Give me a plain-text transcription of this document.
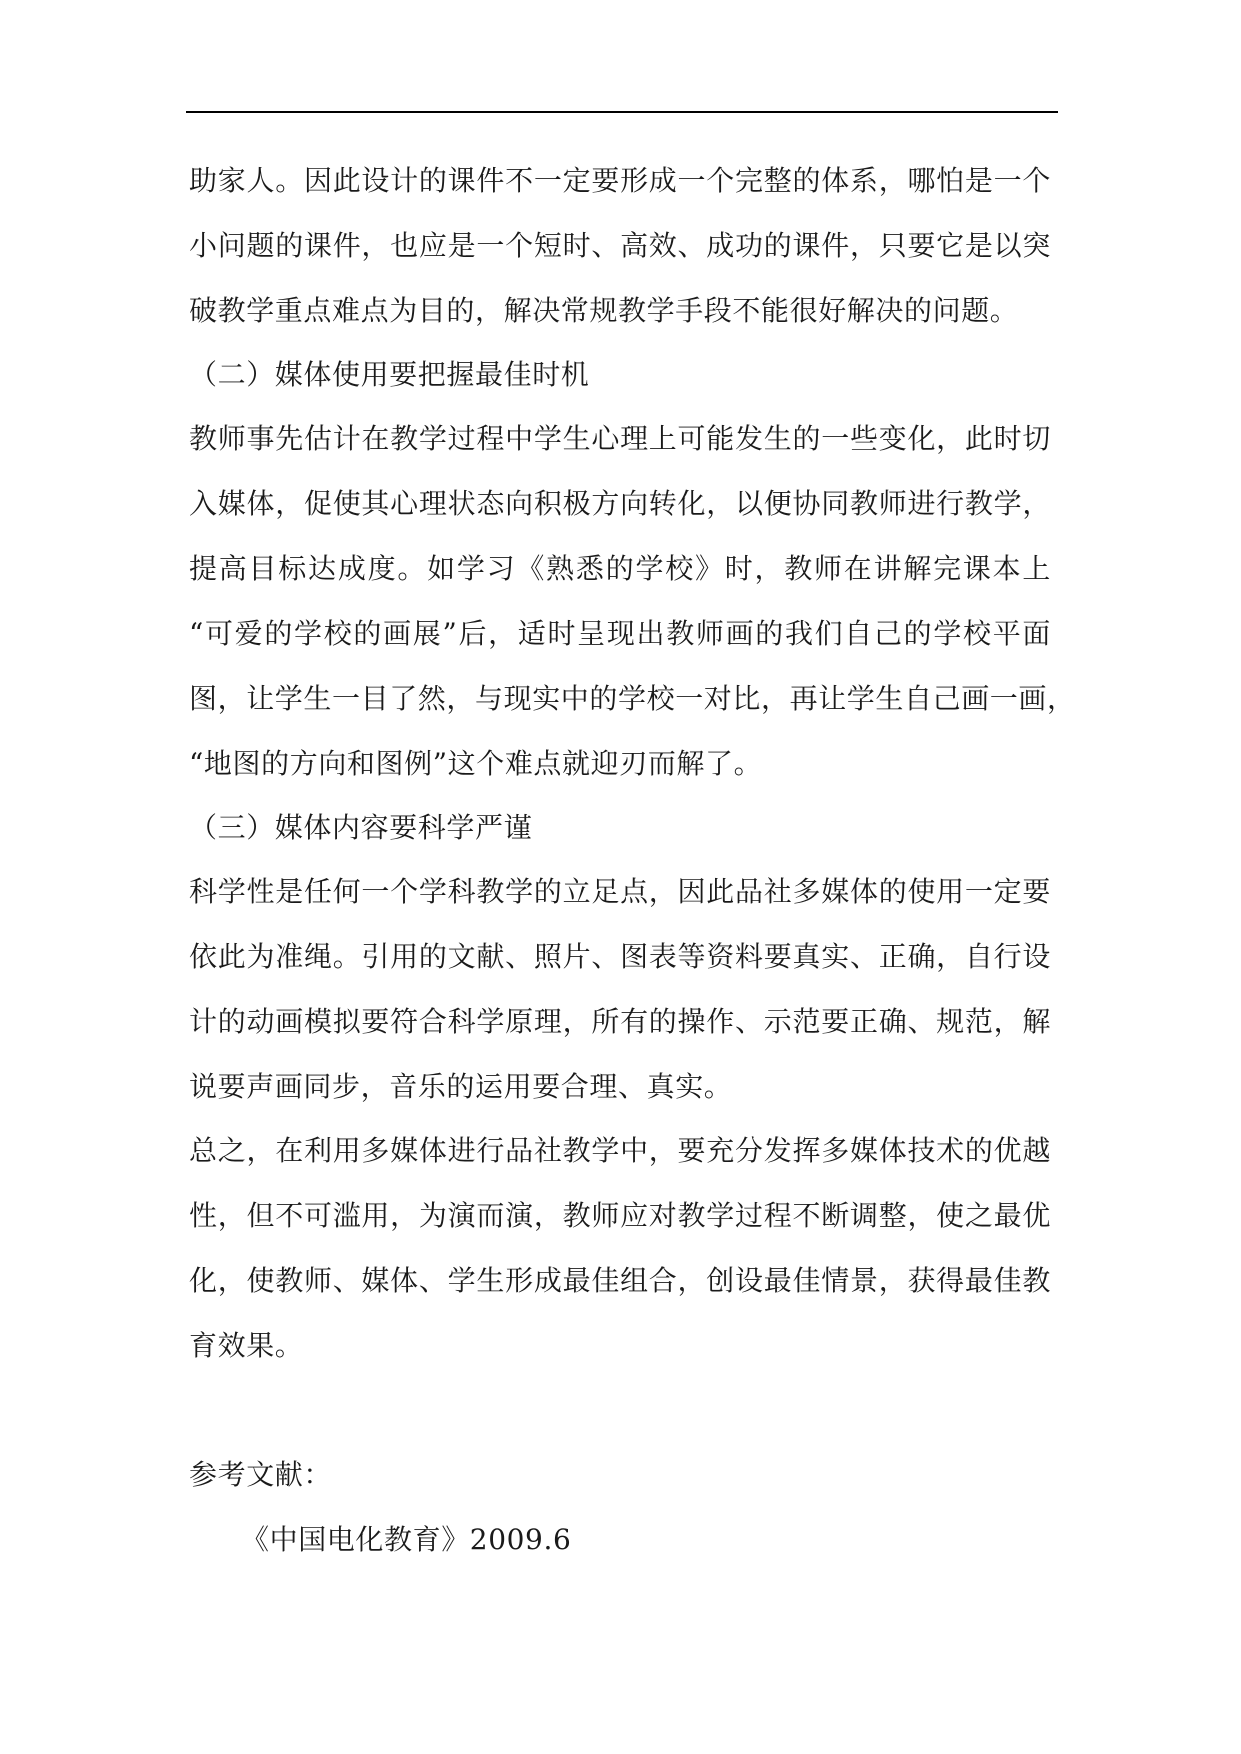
助家人。因此设计的课件不一定要形成一个完整的体系，哪怕是一个
小问题的课件，也应是一个短时、高效、成功的课件，只要它是以突
破教学重点难点为目的，解决常规教学手段不能很好解决的问题。
（二）媒体使用要把握最佳时机
教师事先估计在教学过程中学生心理上可能发生的一些变化，此时切
入媒体，促使其心理状态向积极方向转化，以便协同教师进行教学，
提高目标达成度。如学习《熟悉的学校》时，教师在讲解完课本上
“可爱的学校的画展”后，适时呈现出教师画的我们自己的学校平面
图，让学生一目了然，与现实中的学校一对比，再让学生自己画一画，
“地图的方向和图例”这个难点就迎刃而解了。
（三）媒体内容要科学严谨
科学性是任何一个学科教学的立足点，因此品社多媒体的使用一定要
依此为准绳。引用的文献、照片、图表等资料要真实、正确，自行设
计的动画模拟要符合科学原理，所有的操作、示范要正确、规范，解
说要声画同步，音乐的运用要合理、真实。
总之，在利用多媒体进行品社教学中，要充分发挥多媒体技术的优越
性，但不可滥用，为演而演，教师应对教学过程不断调整，使之最优
化，使教师、媒体、学生形成最佳组合，创设最佳情景，获得最佳教
育效果。
参考文献：
《中国电化教育》2009.6
